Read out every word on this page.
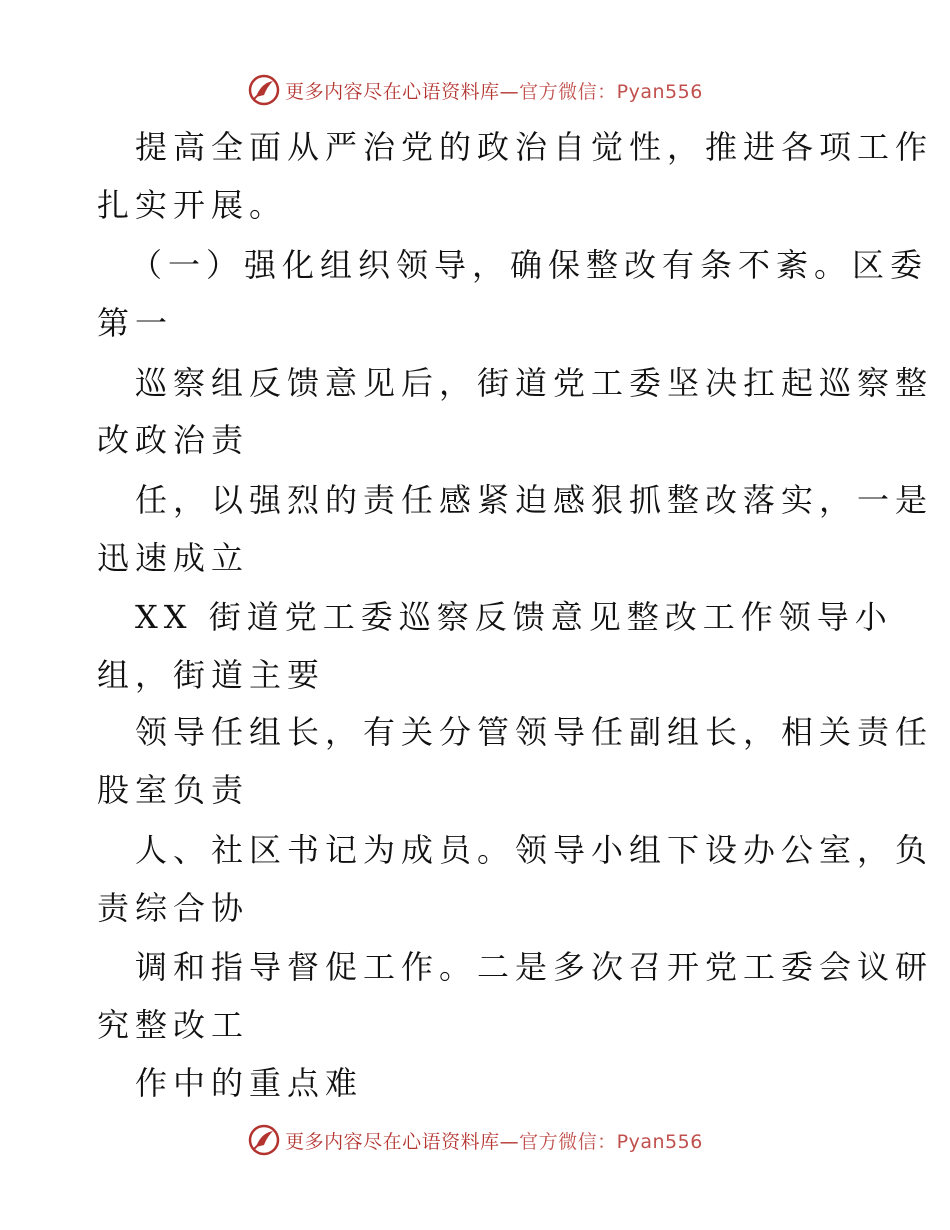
更多内容尽在心语资料库—官方微信：Pyan556
提高全面从严治党的政治自觉性，推进各项工作
扎实开展。
（一）强化组织领导，确保整改有条不紊。区委
第一
巡察组反馈意见后，街道党工委坚决扛起巡察整
改政治责
任，以强烈的责任感紧迫感狠抓整改落实，一是
迅速成立
XX 街道党工委巡察反馈意见整改工作领导小
组，街道主要
领导任组长，有关分管领导任副组长，相关责任
股室负责
人、社区书记为成员。领导小组下设办公室，负
责综合协
调和指导督促工作。二是多次召开党工委会议研
究整改工
作中的重点难
更多内容尽在心语资料库—官方微信：Pyan556
